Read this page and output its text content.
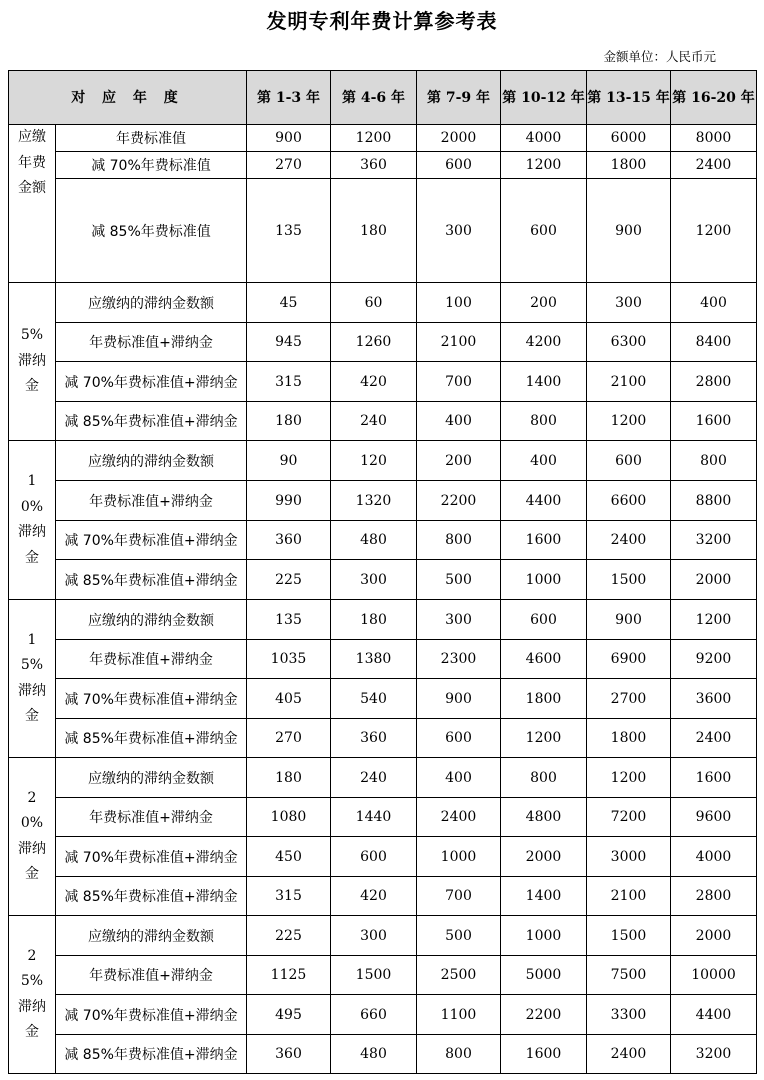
发明专利年费计算参考表
金额单位：人民币元
对 应 年 度		第 1-3 年	第 4-6 年	第 7-9 年	第 10-12 年	第 13-15 年	第 16-20 年
应缴年费金额	年费标准值	900	1200	2000	4000	6000	8000
	减 70%年费标准值	270	360	600	1200	1800	2400
	减 85%年费标准值	135	180	300	600	900	1200
5%滞纳金	应缴纳的滞纳金数额	45	60	100	200	300	400
	年费标准值+滞纳金	945	1260	2100	4200	6300	8400
	减 70%年费标准值+滞纳金	315	420	700	1400	2100	2800
	减 85%年费标准值+滞纳金	180	240	400	800	1200	1600
10%滞纳金	应缴纳的滞纳金数额	90	120	200	400	600	800
	年费标准值+滞纳金	990	1320	2200	4400	6600	8800
	减 70%年费标准值+滞纳金	360	480	800	1600	2400	3200
	减 85%年费标准值+滞纳金	225	300	500	1000	1500	2000
15%滞纳金	应缴纳的滞纳金数额	135	180	300	600	900	1200
	年费标准值+滞纳金	1035	1380	2300	4600	6900	9200
	减 70%年费标准值+滞纳金	405	540	900	1800	2700	3600
	减 85%年费标准值+滞纳金	270	360	600	1200	1800	2400
20%滞纳金	应缴纳的滞纳金数额	180	240	400	800	1200	1600
	年费标准值+滞纳金	1080	1440	2400	4800	7200	9600
	减 70%年费标准值+滞纳金	450	600	1000	2000	3000	4000
	减 85%年费标准值+滞纳金	315	420	700	1400	2100	2800
25%滞纳金	应缴纳的滞纳金数额	225	300	500	1000	1500	2000
	年费标准值+滞纳金	1125	1500	2500	5000	7500	10000
	减 70%年费标准值+滞纳金	495	660	1100	2200	3300	4400
	减 85%年费标准值+滞纳金	360	480	800	1600	2400	3200
